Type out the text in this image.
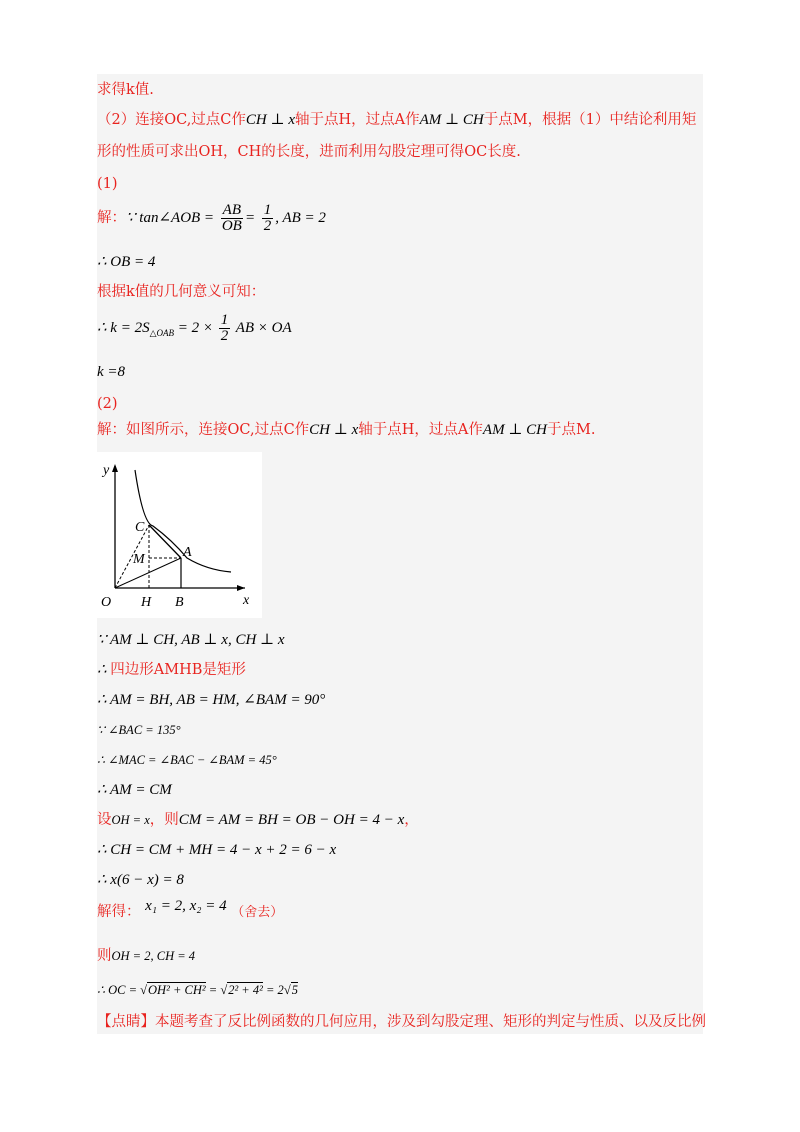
求得k值.
（2）连接OC,过点C作CH ⊥ x轴于点H，过点A作AM ⊥ CH于点M，根据（1）中结论利用矩
形的性质可求出OH，CH的长度，进而利用勾股定理可得OC长度.
(1)
解：∵ tan∠AOB = $\frac{AB}{OB} = \frac{1}{2}$ , AB = 2
∴ OB = 4
根据k值的几何意义可知：
∴ $k = 2S_{\triangle OAB} = 2 \times \frac{1}{2}$ AB × OA
k =8
(2)
解：如图所示，连接OC,过点C作CH ⊥ x轴于点H，过点A作AM ⊥ CH于点M.
y
x
O H B
C
M	A
∵ AM ⊥ CH, AB ⊥ x, CH ⊥ x
∴ 四边形AMHB是矩形
∴ AM = BH, AB = HM, ∠BAM = 90°
∵ ∠BAC = 135°
∴ ∠MAC = ∠BAC − ∠BAM = 45°
∴ AM = CM
设OH = x，则CM = AM = BH = OB − OH = 4 − x，
∴ CH = CM + MH = 4 − x + 2 = 6 − x
∴ x(6 − x) = 8
解得： x₁ = 2, x₂ = 4 （舍去）
则OH = 2, CH = 4
∴ OC = √OH² + CH² = √2² + 4² = 2√5
【点睛】本题考查了反比例函数的几何应用，涉及到勾股定理、矩形的判定与性质、以及反比例
